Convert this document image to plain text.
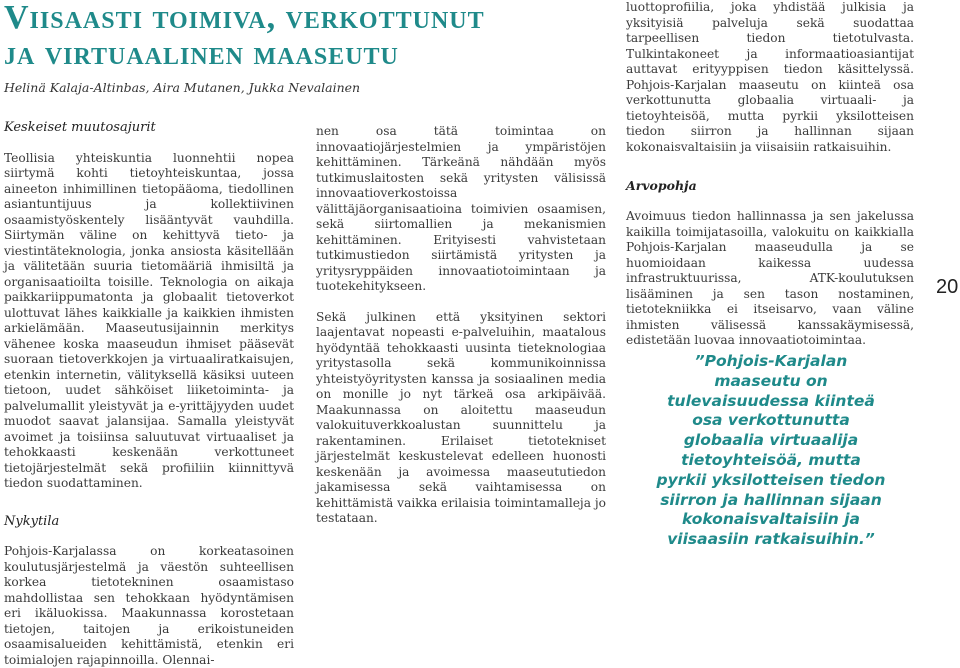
Viisaasti toimiva, verkottunut
ja virtuaalinen maaseutu
Helinä Kalaja-Altinbas, Aira Mutanen, Jukka Nevalainen

Keskeiset muutosajurit

Teollisia yhteiskuntia luonnehtii nopea siirtymä kohti tietoyhteiskuntaa, jossa aineeton inhimillinen tietopääoma, tiedollinen asiantuntijuus ja kollektiivinen osaamistyöskentely lisääntyvät vauhdilla. Siirtymän väline on kehittyvä tieto- ja viestintäteknologia, jonka ansiosta käsitellään ja välitetään suuria tietomääriä ihmisiltä ja organisaatioilta toisille. Teknologia on aikaja paikkariippumatonta ja globaalit tietoverkot ulottuvat lähes kaikkialle ja kaikkien ihmisten arkielämään. Maaseutusijainnin merkitys vähenee koska maaseudun ihmiset pääsevät suoraan tietoverkkojen ja virtuaaliratkaisujen, etenkin internetin, välityksellä käsiksi uuteen tietoon, uudet sähköiset liiketoiminta- ja palvelumallit yleistyvät ja e-yrittäjyyden uudet muodot saavat jalansijaa. Samalla yleistyvät avoimet ja toisiinsa saluutuvat virtuaaliset ja tehokkaasti keskenään verkottuneet tietojärjestelmät sekä profiiliin kiinnittyvä tiedon suodattaminen.

Nykytila

Pohjois-Karjalassa on korkeatasoinen koulutusjärjestelmä ja väestön suhteellisen korkea tietotekninen osaamistaso mahdollistaa sen tehokkaan hyödyntämisen eri ikäluokissa. Maakunnassa korostetaan tietojen, taitojen ja erikoistuneiden osaamisalueiden kehittämistä, etenkin eri toimialojen rajapinnoilla. Olennai-

nen osa tätä toimintaa on innovaatiojärjestelmien ja ympäristöjen kehittäminen. Tärkeänä nähdään myös tutkimuslaitosten sekä yritysten välisissä innovaatioverkostoissa välittäjäorganisaatioina toimivien osaamisen, sekä siirtomallien ja mekanismien kehittäminen. Erityisesti vahvistetaan tutkimustiedon siirtämistä yritysten ja yritysryppäiden innovaatiotoimintaan ja tuotekehitykseen.

Sekä julkinen että yksityinen sektori laajentavat nopeasti e-palveluihin, maatalous hyödyntää tehokkaasti uusinta tieteknologiaa yritystasolla sekä kommunikoinnissa yhteistyöyritysten kanssa ja sosiaalinen media on monille jo nyt tärkeä osa arkipäivää. Maakunnassa on aloitettu maaseudun valokuituverkkoalustan suunnittelu ja rakentaminen. Erilaiset tietotekniset järjestelmät keskustelevat edelleen huonosti keskenään ja avoimessa maaseututiedon jakamisessa sekä vaihtamisessa on kehittämistä vaikka erilaisia toimintamalleja jo testataan.

luottoprofiilia, joka yhdistää julkisia ja yksityisiä palveluja sekä suodattaa tarpeellisen tiedon tietotulvasta. Tulkintakoneet ja informaatioasiantijat auttavat erityyppisen tiedon käsittelyssä. Pohjois-Karjalan maaseutu on kiinteä osa verkottunutta globaalia virtuaali- ja tietoyhteisöä, mutta pyrkii yksilotteisen tiedon siirron ja hallinnan sijaan kokonaisvaltaisiin ja viisaisiin ratkaisuihin.

Arvopohja

Avoimuus tiedon hallinnassa ja sen jakelussa kaikilla toimijatasoilla, valokuitu on kaikkialla Pohjois-Karjalan maaseudulla ja se huomioidaan kaikessa uudessa infrastruktuurissa, ATK-koulutuksen lisääminen ja sen tason nostaminen, tietotekniikka ei itseisarvo, vaan väline ihmisten välisessä kanssakäymisessä, edistetään luovaa innovaatiotoimintaa.

20

”Pohjois-Karjalan maaseutu on tulevaisuudessa kiinteä osa verkottunutta globaalia virtuaalija tietoyhteisöä, mutta pyrkii yksilotteisen tiedon siirron ja hallinnan sijaan kokonaisvaltaisiin ja viisaasiin ratkaisuihin.”
